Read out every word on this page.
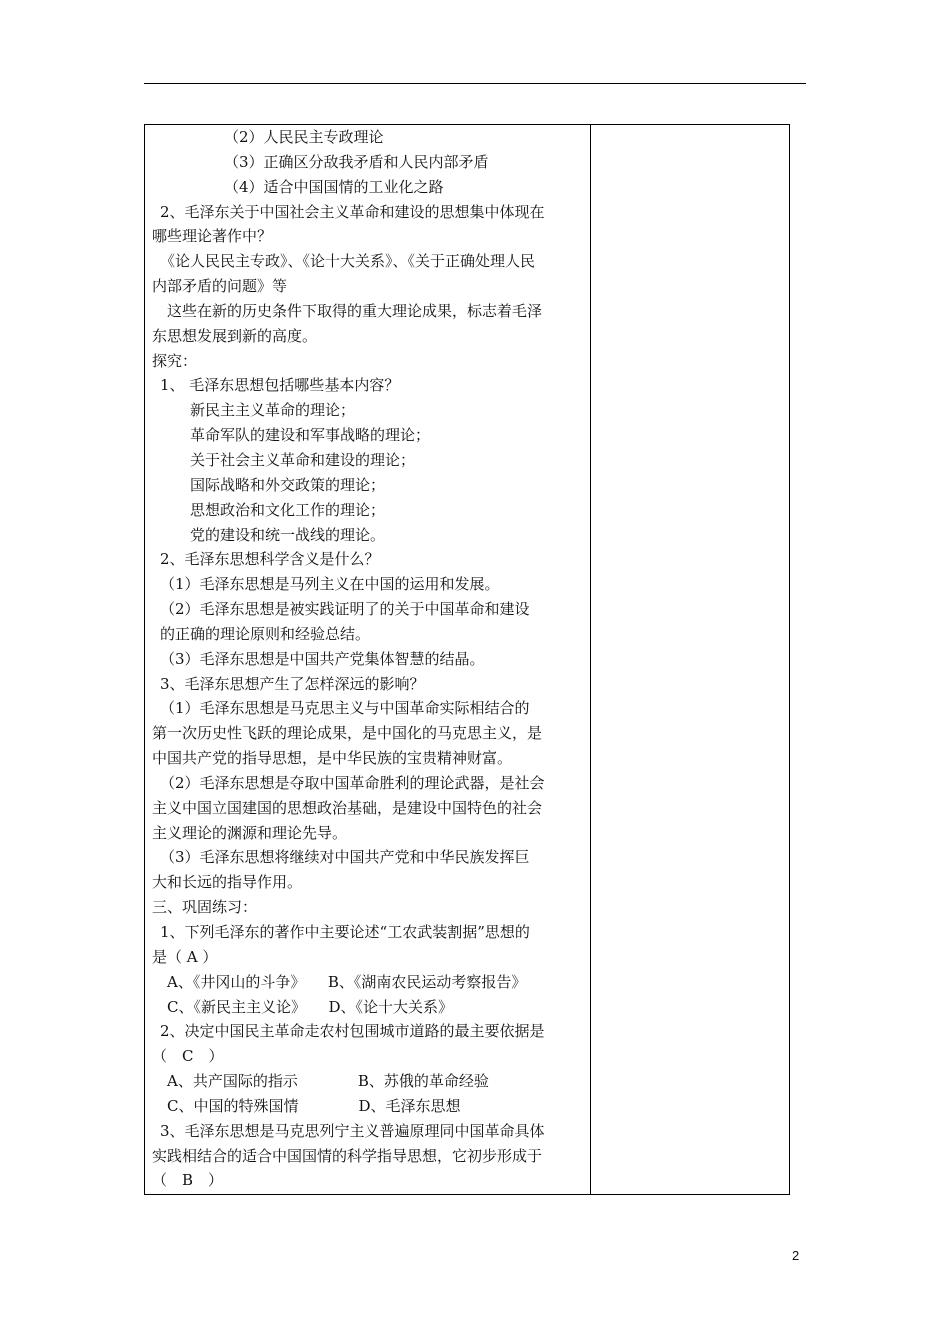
（2）人民民主专政理论
（3）正确区分敌我矛盾和人民内部矛盾
（4）适合中国国情的工业化之路
2、毛泽东关于中国社会主义革命和建设的思想集中体现在
哪些理论著作中？
《论人民民主专政》、《论十大关系》、《关于正确处理人民
内部矛盾的问题》等
这些在新的历史条件下取得的重大理论成果，标志着毛泽
东思想发展到新的高度。
探究：
1、 毛泽东思想包括哪些基本内容？
新民主主义革命的理论；
革命军队的建设和军事战略的理论；
关于社会主义革命和建设的理论；
国际战略和外交政策的理论；
思想政治和文化工作的理论；
党的建设和统一战线的理论。
2、毛泽东思想科学含义是什么？
（1）毛泽东思想是马列主义在中国的运用和发展。
（2）毛泽东思想是被实践证明了的关于中国革命和建设
的正确的理论原则和经验总结。
（3）毛泽东思想是中国共产党集体智慧的结晶。
3、毛泽东思想产生了怎样深远的影响？
（1）毛泽东思想是马克思主义与中国革命实际相结合的
第一次历史性飞跃的理论成果，是中国化的马克思主义，是
中国共产党的指导思想，是中华民族的宝贵精神财富。
（2）毛泽东思想是夺取中国革命胜利的理论武器，是社会
主义中国立国建国的思想政治基础，是建设中国特色的社会
主义理论的渊源和理论先导。
（3）毛泽东思想将继续对中国共产党和中华民族发挥巨
大和长远的指导作用。
三、巩固练习：
1、下列毛泽东的著作中主要论述“工农武装割据”思想的
是（ A ）
A、《井冈山的斗争》　　B、《湖南农民运动考察报告》
C、《新民主主义论》　　D、《论十大关系》
2、决定中国民主革命走农村包围城市道路的最主要依据是
（　C　）
A、共产国际的指示　　　　B、苏俄的革命经验
C、中国的特殊国情　　　　D、毛泽东思想
3、毛泽东思想是马克思列宁主义普遍原理同中国革命具体
实践相结合的适合中国国情的科学指导思想，它初步形成于
（　B　）
2
